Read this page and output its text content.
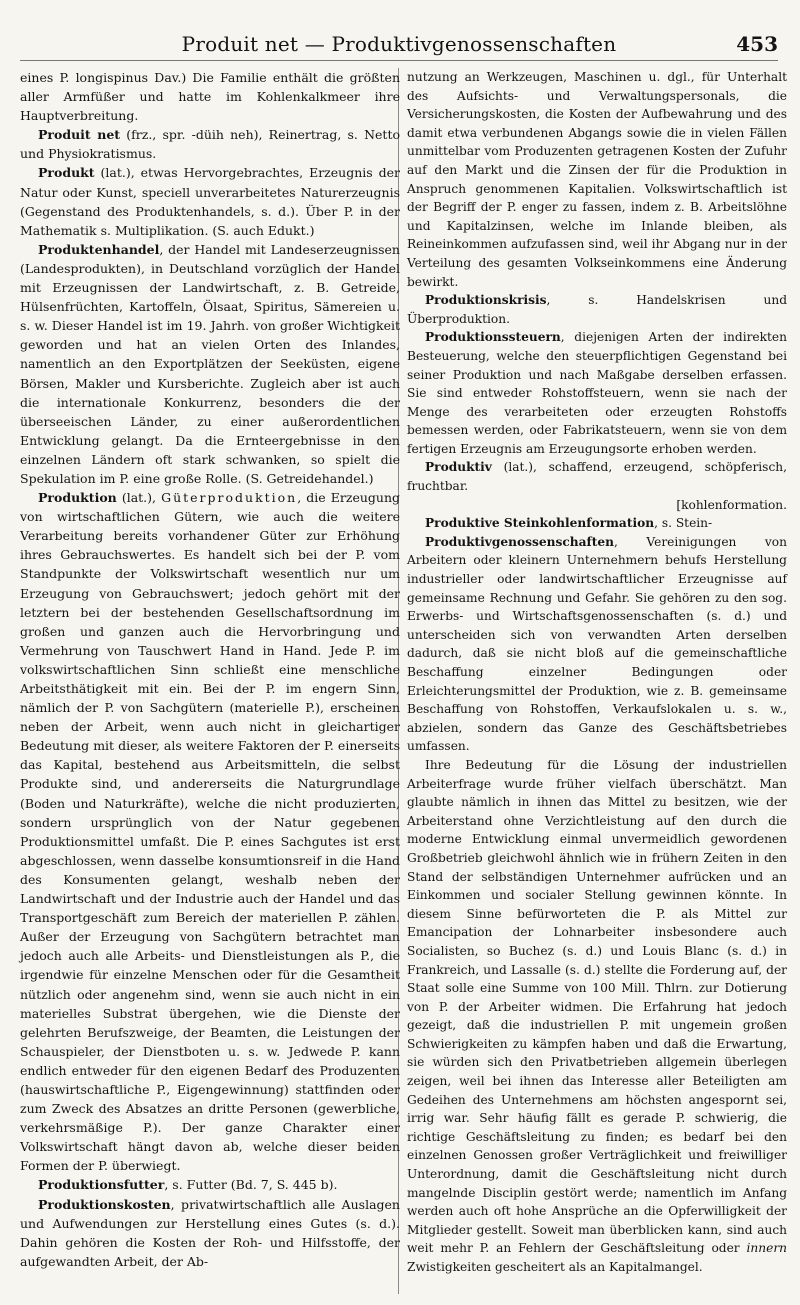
Produit net — Produktivgenossenschaften	453

eines P. longispinus Dav.) Die Familie enthält die größten aller Armfüßer und hatte im Kohlenkalkmeer ihre Hauptverbreitung.

Produit net (frz., spr. -düih neh), Reinertrag, s. Netto und Physiokratismus.

Produkt (lat.), etwas Hervorgebrachtes, Erzeugnis der Natur oder Kunst, speciell unverarbeitetes Naturerzeugnis (Gegenstand des Produktenhandels, s. d.). Über P. in der Mathematik s. Multiplikation. (S. auch Edukt.)

Produktenhandel, der Handel mit Landeserzeugnissen (Landesprodukten), in Deutschland vorzüglich der Handel mit Erzeugnissen der Landwirtschaft, z. B. Getreide, Hülsenfrüchten, Kartoffeln, Ölsaat, Spiritus, Sämereien u. s. w. Dieser Handel ist im 19. Jahrh. von großer Wichtigkeit geworden und hat an vielen Orten des Inlandes, namentlich an den Exportplätzen der Seeküsten, eigene Börsen, Makler und Kursberichte. Zugleich aber ist auch die internationale Konkurrenz, besonders die der überseeischen Länder, zu einer außerordentlichen Entwicklung gelangt. Da die Ernteergebnisse in den einzelnen Ländern oft stark schwanken, so spielt die Spekulation im P. eine große Rolle. (S. Getreidehandel.)

Produktion (lat.), Güterproduktion, die Erzeugung von wirtschaftlichen Gütern, wie auch die weitere Verarbeitung bereits vorhandener Güter zur Erhöhung ihres Gebrauchswertes. Es handelt sich bei der P. vom Standpunkte der Volkswirtschaft wesentlich nur um Erzeugung von Gebrauchswert; jedoch gehört mit der letztern bei der bestehenden Gesellschaftsordnung im großen und ganzen auch die Hervorbringung und Vermehrung von Tauschwert Hand in Hand. Jede P. im volkswirtschaftlichen Sinn schließt eine menschliche Arbeitsthätigkeit mit ein. Bei der P. im engern Sinn, nämlich der P. von Sachgütern (materielle P.), erscheinen neben der Arbeit, wenn auch nicht in gleichartiger Bedeutung mit dieser, als weitere Faktoren der P. einerseits das Kapital, bestehend aus Arbeitsmitteln, die selbst Produkte sind, und andererseits die Naturgrundlage (Boden und Naturkräfte), welche die nicht produzierten, sondern ursprünglich von der Natur gegebenen Produktionsmittel umfaßt. Die P. eines Sachgutes ist erst abgeschlossen, wenn dasselbe konsumtionsreif in die Hand des Konsumenten gelangt, weshalb neben der Landwirtschaft und der Industrie auch der Handel und das Transportgeschäft zum Bereich der materiellen P. zählen. Außer der Erzeugung von Sachgütern betrachtet man jedoch auch alle Arbeits- und Dienstleistungen als P., die irgendwie für einzelne Menschen oder für die Gesamtheit nützlich oder angenehm sind, wenn sie auch nicht in ein materielles Substrat übergehen, wie die Dienste der gelehrten Berufszweige, der Beamten, die Leistungen der Schauspieler, der Dienstboten u. s. w. Jedwede P. kann endlich entweder für den eigenen Bedarf des Produzenten (hauswirtschaftliche P., Eigengewinnung) stattfinden oder zum Zweck des Absatzes an dritte Personen (gewerbliche, verkehrsmäßige P.). Der ganze Charakter einer Volkswirtschaft hängt davon ab, welche dieser beiden Formen der P. überwiegt.

Produktionsfutter, s. Futter (Bd. 7, S. 445 b).

Produktionskosten, privatwirtschaftlich alle Auslagen und Aufwendungen zur Herstellung eines Gutes (s. d.). Dahin gehören die Kosten der Roh- und Hilfsstoffe, der aufgewandten Arbeit, der Ab-

nutzung an Werkzeugen, Maschinen u. dgl., für Unterhalt des Aufsichts- und Verwaltungspersonals, die Versicherungskosten, die Kosten der Aufbewahrung und des damit etwa verbundenen Abgangs sowie die in vielen Fällen unmittelbar vom Produzenten getragenen Kosten der Zufuhr auf den Markt und die Zinsen der für die Produktion in Anspruch genommenen Kapitalien. Volkswirtschaftlich ist der Begriff der P. enger zu fassen, indem z. B. Arbeitslöhne und Kapitalzinsen, welche im Inlande bleiben, als Reineinkommen aufzufassen sind, weil ihr Abgang nur in der Verteilung des gesamten Volkseinkommens eine Änderung bewirkt.

Produktionskrisis, s. Handelskrisen und Überproduktion.

Produktionssteuern, diejenigen Arten der indirekten Besteuerung, welche den steuerpflichtigen Gegenstand bei seiner Produktion und nach Maßgabe derselben erfassen. Sie sind entweder Rohstoffsteuern, wenn sie nach der Menge des verarbeiteten oder erzeugten Rohstoffs bemessen werden, oder Fabrikatsteuern, wenn sie von dem fertigen Erzeugnis am Erzeugungsorte erhoben werden.

Produktiv (lat.), schaffend, erzeugend, schöpferisch, fruchtbar.

[kohlenformation.

Produktive Steinkohlenformation, s. Stein-

Produktivgenossenschaften, Vereinigungen von Arbeitern oder kleinern Unternehmern behufs Herstellung industrieller oder landwirtschaftlicher Erzeugnisse auf gemeinsame Rechnung und Gefahr. Sie gehören zu den sog. Erwerbs- und Wirtschaftsgenossenschaften (s. d.) und unterscheiden sich von verwandten Arten derselben dadurch, daß sie nicht bloß auf die gemeinschaftliche Beschaffung einzelner Bedingungen oder Erleichterungsmittel der Produktion, wie z. B. gemeinsame Beschaffung von Rohstoffen, Verkaufslokalen u. s. w., abzielen, sondern das Ganze des Geschäftsbetriebes umfassen.

Ihre Bedeutung für die Lösung der industriellen Arbeiterfrage wurde früher vielfach überschätzt. Man glaubte nämlich in ihnen das Mittel zu besitzen, wie der Arbeiterstand ohne Verzichtleistung auf den durch die moderne Entwicklung einmal unvermeidlich gewordenen Großbetrieb gleichwohl ähnlich wie in frühern Zeiten in den Stand der selbständigen Unternehmer aufrücken und an Einkommen und socialer Stellung gewinnen könnte. In diesem Sinne befürworteten die P. als Mittel zur Emancipation der Lohnarbeiter insbesondere auch Socialisten, so Buchez (s. d.) und Louis Blanc (s. d.) in Frankreich, und Lassalle (s. d.) stellte die Forderung auf, der Staat solle eine Summe von 100 Mill. Thlrn. zur Dotierung von P. der Arbeiter widmen. Die Erfahrung hat jedoch gezeigt, daß die industriellen P. mit ungemein großen Schwierigkeiten zu kämpfen haben und daß die Erwartung, sie würden sich den Privatbetrieben allgemein überlegen zeigen, weil bei ihnen das Interesse aller Beteiligten am Gedeihen des Unternehmens am höchsten angespornt sei, irrig war. Sehr häufig fällt es gerade P. schwierig, die richtige Geschäftsleitung zu finden; es bedarf bei den einzelnen Genossen großer Verträglichkeit und freiwilliger Unterordnung, damit die Geschäftsleitung nicht durch mangelnde Disciplin gestört werde; namentlich im Anfang werden auch oft hohe Ansprüche an die Opferwilligkeit der Mitglieder gestellt. Soweit man überblicken kann, sind auch weit mehr P. an Fehlern der Geschäftsleitung oder innern Zwistigkeiten gescheitert als an Kapitalmangel.
